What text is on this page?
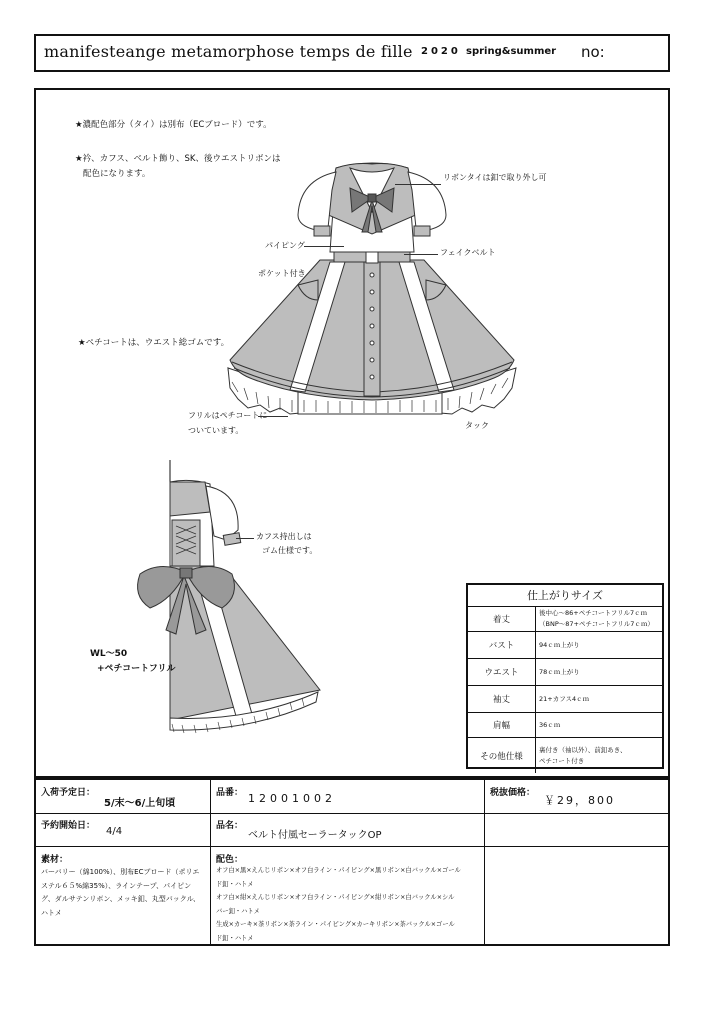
manifesteange metamorphose temps de fille 2020 spring&summer no:
★濃配色部分（タイ）は別布（ECブロード）です。
★衿、カフス、ベルト飾り、SK、後ウエストリボンは
配色になります。
★ペチコートは、ウエスト総ゴムです。
リボンタイは釦で取り外し可
パイピング
フェイクベルト
ポケット付き
フリルはペチコートに
ついています。
タック
カフス持出しは
ゴム仕様です。
WL～50
+ペチコートフリル
仕上がりサイズ
着丈
後中心～86+ペチコートフリル7ｃｍ
（BNP～87+ペチコートフリル7ｃｍ）
バスト	94ｃｍ上がり
ウエスト	78ｃｍ上がり
袖丈	21+カフス4ｃｍ
肩幅	36ｃｍ
その他仕様
裏付き（袖以外）、前釦あき、
ペチコート付き
入荷予定日：
5/末～6/上旬頃
品番： 12001002	税抜価格：
￥29，800
予約開始日： 4/4	品名：
ベルト付風セーラータックOP
素材：
バーバリー（綿100%）、別布ECブロード（ポリエ
ステル６５%綿35%）、ラインテープ、パイピン
グ、ダルサテンリボン、メッキ釦、丸型バックル、
ハトメ
配色：
オフ白×黒×えんじリボン×オフ白ライン・パイピング×黒リボン×白バックル×ゴール
ド釦・ハトメ
オフ白×紺×えんじリボン×オフ白ライン・パイピング×紺リボン×白バックル×シル
バー釦・ハトメ
生成×カーキ×茶リボン×茶ライン・パイピング×カーキリボン×茶バックル×ゴール
ド釦・ハトメ
